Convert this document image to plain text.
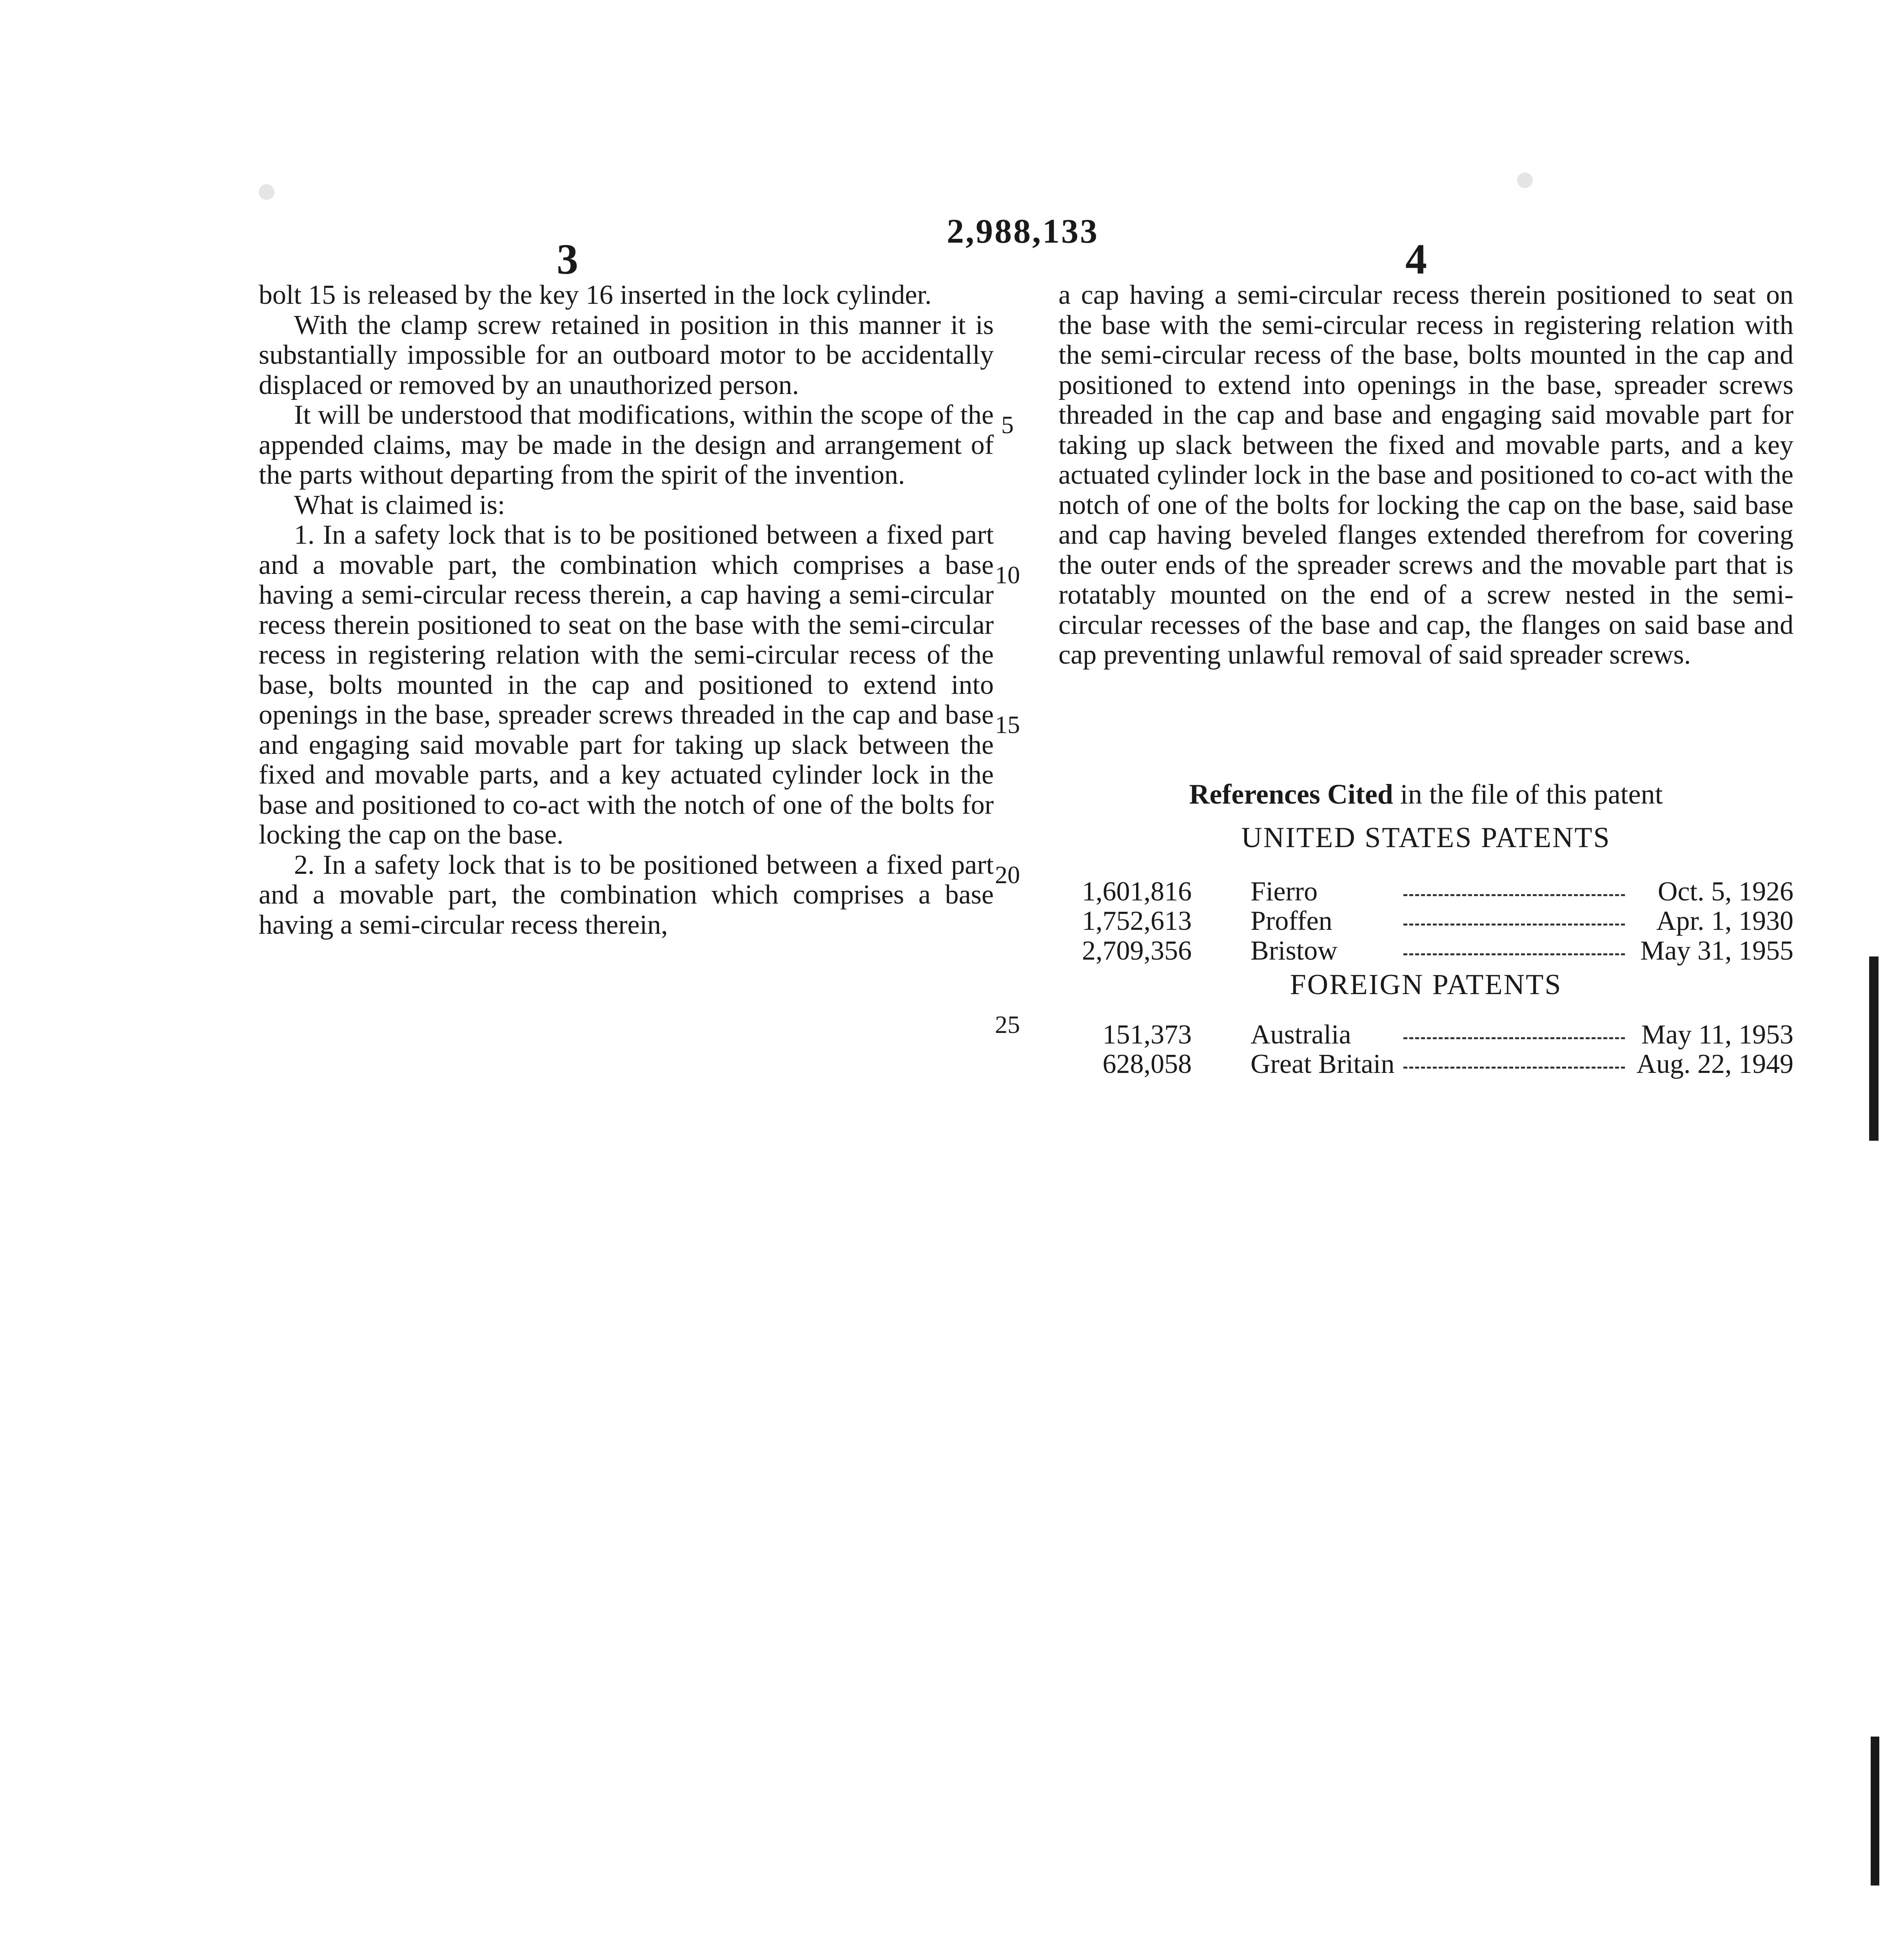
3
2,988,133
4

bolt 15 is released by the key 16 inserted in the lock cylinder.

With the clamp screw retained in position in this manner it is substantially impossible for an outboard motor to be accidentally displaced or removed by an unauthorized person.

It will be understood that modifications, within the scope of the appended claims, may be made in the design and arrangement of the parts without departing from the spirit of the invention.

What is claimed is:

1. In a safety lock that is to be positioned between a fixed part and a movable part, the combination which comprises a base having a semi-circular recess therein, a cap having a semi-circular recess therein positioned to seat on the base with the semi-circular recess in registering relation with the semi-circular recess of the base, bolts mounted in the cap and positioned to extend into openings in the base, spreader screws threaded in the cap and base and engaging said movable part for taking up slack between the fixed and movable parts, and a key actuated cylinder lock in the base and positioned to co-act with the notch of one of the bolts for locking the cap on the base.

2. In a safety lock that is to be positioned between a fixed part and a movable part, the combination which comprises a base having a semi-circular recess therein,

5
10
15
20
25

a cap having a semi-circular recess therein positioned to seat on the base with the semi-circular recess in registering relation with the semi-circular recess of the base, bolts mounted in the cap and positioned to extend into openings in the base, spreader screws threaded in the cap and base and engaging said movable part for taking up slack between the fixed and movable parts, and a key actuated cylinder lock in the base and positioned to co-act with the notch of one of the bolts for locking the cap on the base, said base and cap having beveled flanges extended therefrom for covering the outer ends of the spreader screws and the movable part that is rotatably mounted on the end of a screw nested in the semi-circular recesses of the base and cap, the flanges on said base and cap preventing unlawful removal of said spreader screws.

References Cited in the file of this patent
UNITED STATES PATENTS
1,601,816 Fierro	Oct. 5, 1926
1,752,613 Proffen	Apr. 1, 1930
2,709,356 Bristow	May 31, 1955
FOREIGN PATENTS
151,373 Australia	May 11, 1953
628,058 Great Britain	Aug. 22, 1949
